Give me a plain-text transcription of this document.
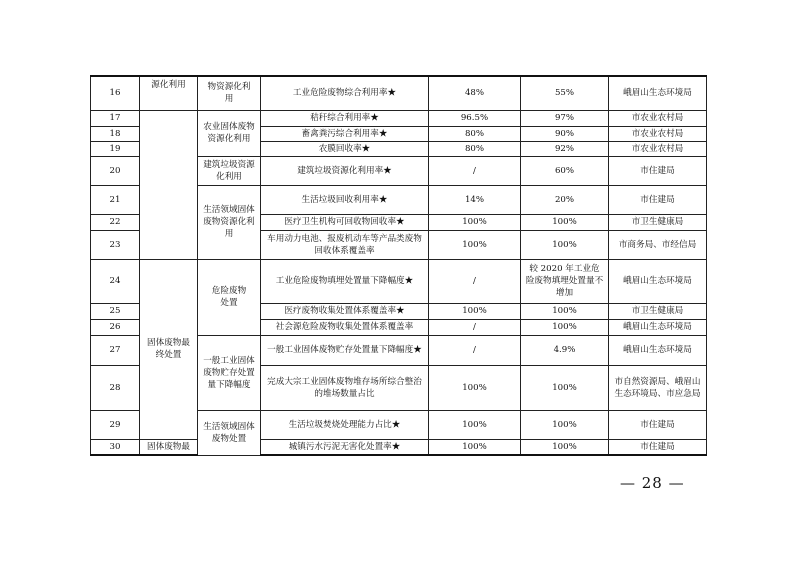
16	源化利用	物资源化利用	工业危险废物综合利用率★	48%	55%	峨眉山生态环境局
17		农业固体废物资源化利用	秸秆综合利用率★	96.5%	97%	市农业农村局
18			畜禽粪污综合利用率★	80%	90%	市农业农村局
19			农膜回收率★	80%	92%	市农业农村局
20		建筑垃圾资源化利用	建筑垃圾资源化利用率★	/	60%	市住建局
21		生活领域固体废物资源化利用	生活垃圾回收利用率★	14%	20%	市住建局
22			医疗卫生机构可回收物回收率★	100%	100%	市卫生健康局
23			车用动力电池、报废机动车等产品类废物回收体系覆盖率	100%	100%	市商务局、市经信局
24	固体废物最终处置	危险废物处置	工业危险废物填埋处置量下降幅度★	/	较 2020 年工业危险废物填埋处置量不增加	峨眉山生态环境局
25			医疗废物收集处置体系覆盖率★	100%	100%	市卫生健康局
26			社会源危险废物收集处置体系覆盖率	/	100%	峨眉山生态环境局
27		一般工业固体废物贮存处置量下降幅度	一般工业固体废物贮存处置量下降幅度★	/	4.9%	峨眉山生态环境局
28			完成大宗工业固体废物堆存场所综合整治的堆场数量占比	100%	100%	市自然资源局、峨眉山生态环境局、市应急局
29		生活领域固体废物处置	生活垃圾焚烧处理能力占比★	100%	100%	市住建局
30	固体废物最		城镇污水污泥无害化处置率★	100%	100%	市住建局
— 28 —
